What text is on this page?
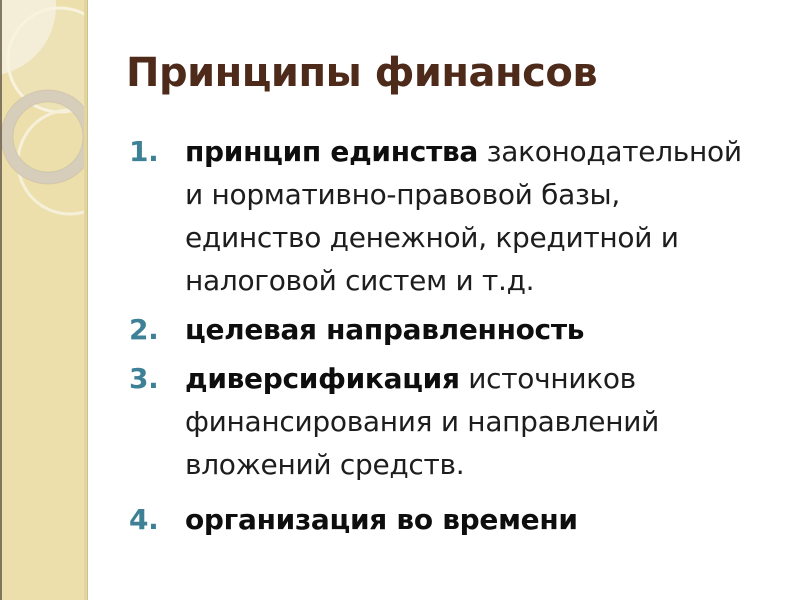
Принципы финансов
1. принцип единства законодательной
и нормативно-правовой базы,
единство денежной, кредитной и
налоговой систем и т.д.
2. целевая направленность
3. диверсификация источников
финансирования и направлений
вложений средств.
4. организация во времени
